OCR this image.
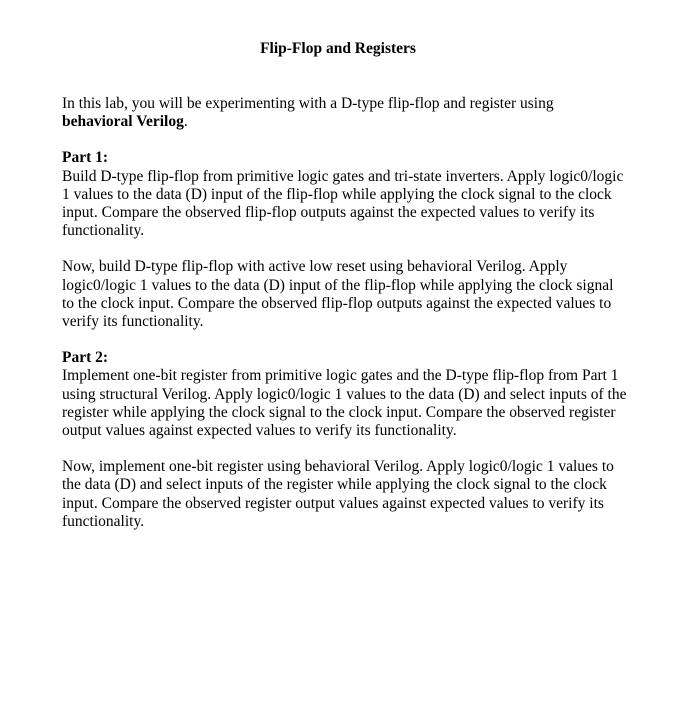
Flip-Flop and Registers

In this lab, you will be experimenting with a D-type flip-flop and register using behavioral Verilog.

Part 1:
Build D-type flip-flop from primitive logic gates and tri-state inverters. Apply logic0/logic 1 values to the data (D) input of the flip-flop while applying the clock signal to the clock input. Compare the observed flip-flop outputs against the expected values to verify its functionality.

Now, build D-type flip-flop with active low reset using behavioral Verilog. Apply logic0/logic 1 values to the data (D) input of the flip-flop while applying the clock signal to the clock input. Compare the observed flip-flop outputs against the expected values to verify its functionality.

Part 2:
Implement one-bit register from primitive logic gates and the D-type flip-flop from Part 1 using structural Verilog. Apply logic0/logic 1 values to the data (D) and select inputs of the register while applying the clock signal to the clock input. Compare the observed register output values against expected values to verify its functionality.

Now, implement one-bit register using behavioral Verilog. Apply logic0/logic 1 values to the data (D) and select inputs of the register while applying the clock signal to the clock input. Compare the observed register output values against expected values to verify its functionality.
